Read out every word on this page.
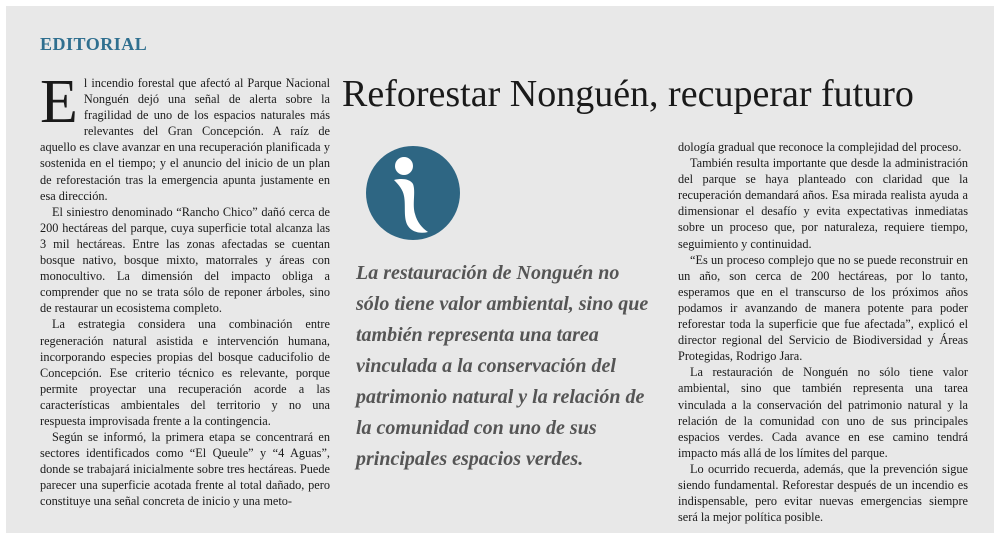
EDITORIAL
Reforestar Nonguén, recuperar futuro

El incendio forestal que afectó al Parque Nacional Nonguén dejó una señal de alerta sobre la fragilidad de uno de los espacios naturales más relevantes del Gran Concepción. A raíz de aquello es clave avanzar en una recuperación planificada y sostenida en el tiempo; y el anuncio del inicio de un plan de reforestación tras la emergencia apunta justamente en esa dirección.

El siniestro denominado “Rancho Chico” dañó cerca de 200 hectáreas del parque, cuya superficie total alcanza las 3 mil hectáreas. Entre las zonas afectadas se cuentan bosque nativo, bosque mixto, matorrales y áreas con monocultivo. La dimensión del impacto obliga a comprender que no se trata sólo de reponer árboles, sino de restaurar un ecosistema completo.

La estrategia considera una combinación entre regeneración natural asistida e intervención humana, incorporando especies propias del bosque caducifolio de Concepción. Ese criterio técnico es relevante, porque permite proyectar una recuperación acorde a las características ambientales del territorio y no una respuesta improvisada frente a la contingencia.

Según se informó, la primera etapa se concentrará en sectores identificados como “El Queule” y “4 Aguas”, donde se trabajará inicialmente sobre tres hectáreas. Puede parecer una superficie acotada frente al total dañado, pero constituye una señal concreta de inicio y una meto-

La restauración de Nonguén no sólo tiene valor ambiental, sino que también representa una tarea vinculada a la conservación del patrimonio natural y la relación de la comunidad con uno de sus principales espacios verdes.

dología gradual que reconoce la complejidad del proceso.

También resulta importante que desde la administración del parque se haya planteado con claridad que la recuperación demandará años. Esa mirada realista ayuda a dimensionar el desafío y evita expectativas inmediatas sobre un proceso que, por naturaleza, requiere tiempo, seguimiento y continuidad.

“Es un proceso complejo que no se puede reconstruir en un año, son cerca de 200 hectáreas, por lo tanto, esperamos que en el transcurso de los próximos años podamos ir avanzando de manera potente para poder reforestar toda la superficie que fue afectada”, explicó el director regional del Servicio de Biodiversidad y Áreas Protegidas, Rodrigo Jara.

La restauración de Nonguén no sólo tiene valor ambiental, sino que también representa una tarea vinculada a la conservación del patrimonio natural y la relación de la comunidad con uno de sus principales espacios verdes. Cada avance en ese camino tendrá impacto más allá de los límites del parque.

Lo ocurrido recuerda, además, que la prevención sigue siendo fundamental. Reforestar después de un incendio es indispensable, pero evitar nuevas emergencias siempre será la mejor política posible.
